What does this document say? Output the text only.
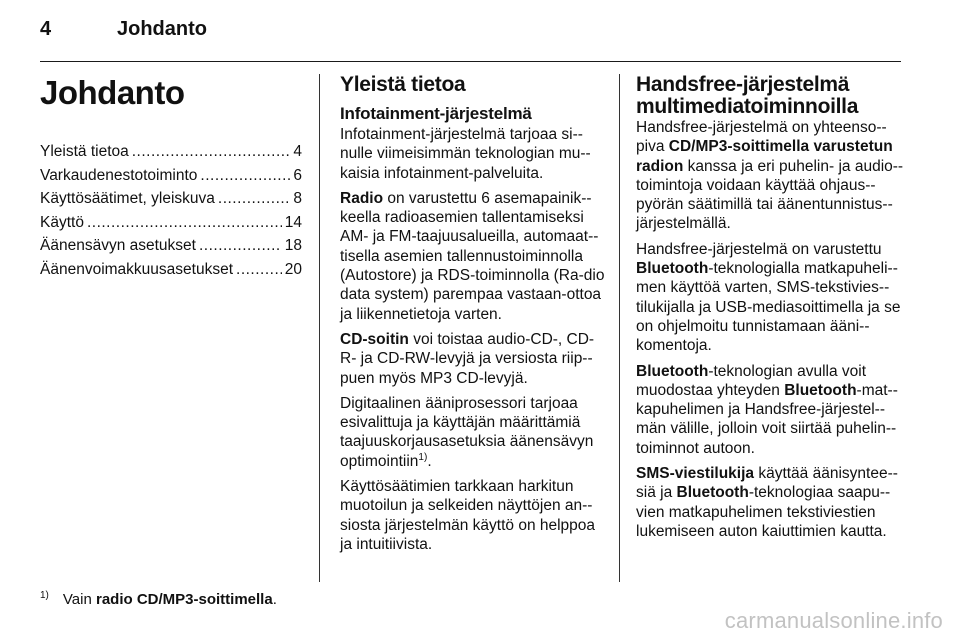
4	Johdanto
Johdanto
Yleistä tietoa .....	4
Varkaudenestotoiminto .....	6
Käyttösäätimet, yleiskuva .....	8
Käyttö .....	14
Äänensävyn asetukset .....	18
Äänenvoimakkuusasetukset .....	20
Yleistä tietoa
Infotainment-järjestelmä

Infotainment-järjestelmä tarjoaa si-nulle viimeisimmän teknologian mu-kaisia infotainment-palveluita.

Radio on varustettu 6 asemapainik-keella radioasemien tallentamiseksi AM- ja FM-taajuusalueilla, automaat-tisella asemien tallennustoiminnolla (Autostore) ja RDS-toiminnolla (Ra-dio data system) parempaa vastaan-ottoa ja liikennetietoja varten.

CD-soitin voi toistaa audio-CD-, CD-R- ja CD-RW-levyjä ja versiosta riip-puen myös MP3 CD-levyjä.

Digitaalinen ääniprosessori tarjoaa esivalittuja ja käyttäjän määrittämiä taajuuskorjausasetuksia äänensävyn optimointiin$^{1)}$.

Käyttösäätimien tarkkaan harkitun muotoilun ja selkeiden näyttöjen an-siosta järjestelmän käyttö on helppoa ja intuitiivista.

Handsfree-järjestelmä multimediatoiminnoilla

Handsfree-järjestelmä on yhteenso-piva CD/MP3-soittimella varustetun radion kanssa ja eri puhelin- ja audio-toimintoja voidaan käyttää ohjaus-pyörän säätimillä tai äänentunnistus-järjestelmällä.

Handsfree-järjestelmä on varustettu Bluetooth-teknologialla matkapuheli-men käyttöä varten, SMS-tekstivies-tilukijalla ja USB-mediasoittimella ja se on ohjelmoitu tunnistamaan ääni-komentoja.

Bluetooth-teknologian avulla voit muodostaa yhteyden Bluetooth-mat-kapuhelimen ja Handsfree-järjestel-män välille, jolloin voit siirtää puhelin-toiminnot autoon.

SMS-viestilukija käyttää äänisyntee-siä ja Bluetooth-teknologiaa saapu-vien matkapuhelimen tekstiviestien lukemiseen auton kaiuttimien kautta.

$^{1)}$ Vain radio CD/MP3-soittimella.
carmanualsonline.info
